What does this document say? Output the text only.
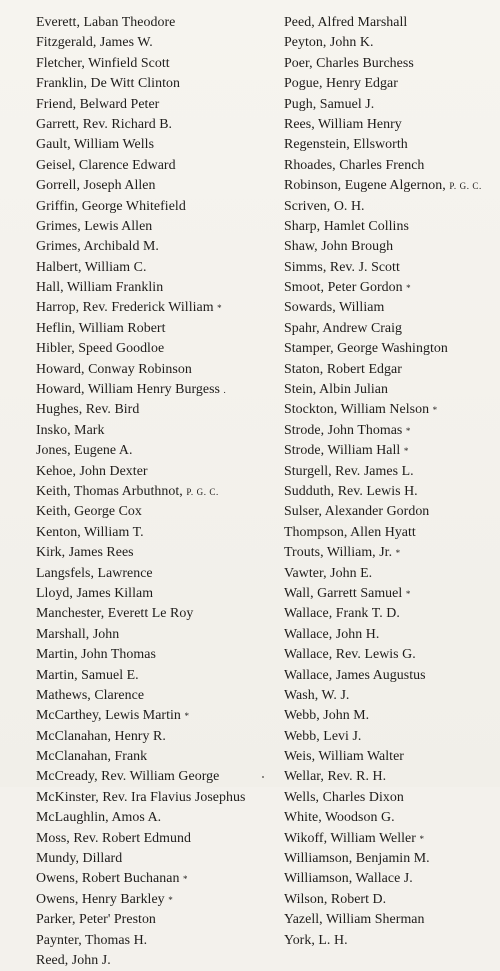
Everett, Laban Theodore
Fitzgerald, James W.
Fletcher, Winfield Scott
Franklin, De Witt Clinton
Friend, Belward Peter
Garrett, Rev. Richard B.
Gault, William Wells
Geisel, Clarence Edward
Gorrell, Joseph Allen
Griffin, George Whitefield
Grimes, Lewis Allen
Grimes, Archibald M.
Halbert, William C.
Hall, William Franklin
Harrop, Rev. Frederick William *
Heflin, William Robert
Hibler, Speed Goodloe
Howard, Conway Robinson
Howard, William Henry Burgess .
Hughes, Rev. Bird
Insko, Mark
Jones, Eugene A.
Kehoe, John Dexter
Keith, Thomas Arbuthnot, P. G. C.
Keith, George Cox
Kenton, William T.
Kirk, James Rees
Langsfels, Lawrence
Lloyd, James Killam
Manchester, Everett Le Roy
Marshall, John
Martin, John Thomas
Martin, Samuel E.
Mathews, Clarence
McCarthey, Lewis Martin *
McClanahan, Henry R.
McClanahan, Frank
McCready, Rev. William George
McKinster, Rev. Ira Flavius Josephus
McLaughlin, Amos A.
Moss, Rev. Robert Edmund
Mundy, Dillard
Owens, Robert Buchanan *
Owens, Henry Barkley *
Parker, Peter' Preston
Paynter, Thomas H.
Reed, John J.
Peed, Alfred Marshall
Peyton, John K.
Poer, Charles Burchess
Pogue, Henry Edgar
Pugh, Samuel J.
Rees, William Henry
Regenstein, Ellsworth
Rhoades, Charles French
Robinson, Eugene Algernon, P. G. C.
Scriven, O. H.
Sharp, Hamlet Collins
Shaw, John Brough
Simms, Rev. J. Scott
Smoot, Peter Gordon *
Sowards, William
Spahr, Andrew Craig
Stamper, George Washington
Staton, Robert Edgar
Stein, Albin Julian
Stockton, William Nelson *
Strode, John Thomas *
Strode, William Hall *
Sturgell, Rev. James L.
Sudduth, Rev. Lewis H.
Sulser, Alexander Gordon
Thompson, Allen Hyatt
Trouts, William, Jr. *
Vawter, John E.
Wall, Garrett Samuel *
Wallace, Frank T. D.
Wallace, John H.
Wallace, Rev. Lewis G.
Wallace, James Augustus
Wash, W. J.
Webb, John M.
Webb, Levi J.
Weis, William Walter
Wellar, Rev. R. H.
Wells, Charles Dixon
White, Woodson G.
Wikoff, William Weller *
Williamson, Benjamin M.
Williamson, Wallace J.
Wilson, Robert D.
Yazell, William Sherman
York, L. H.
